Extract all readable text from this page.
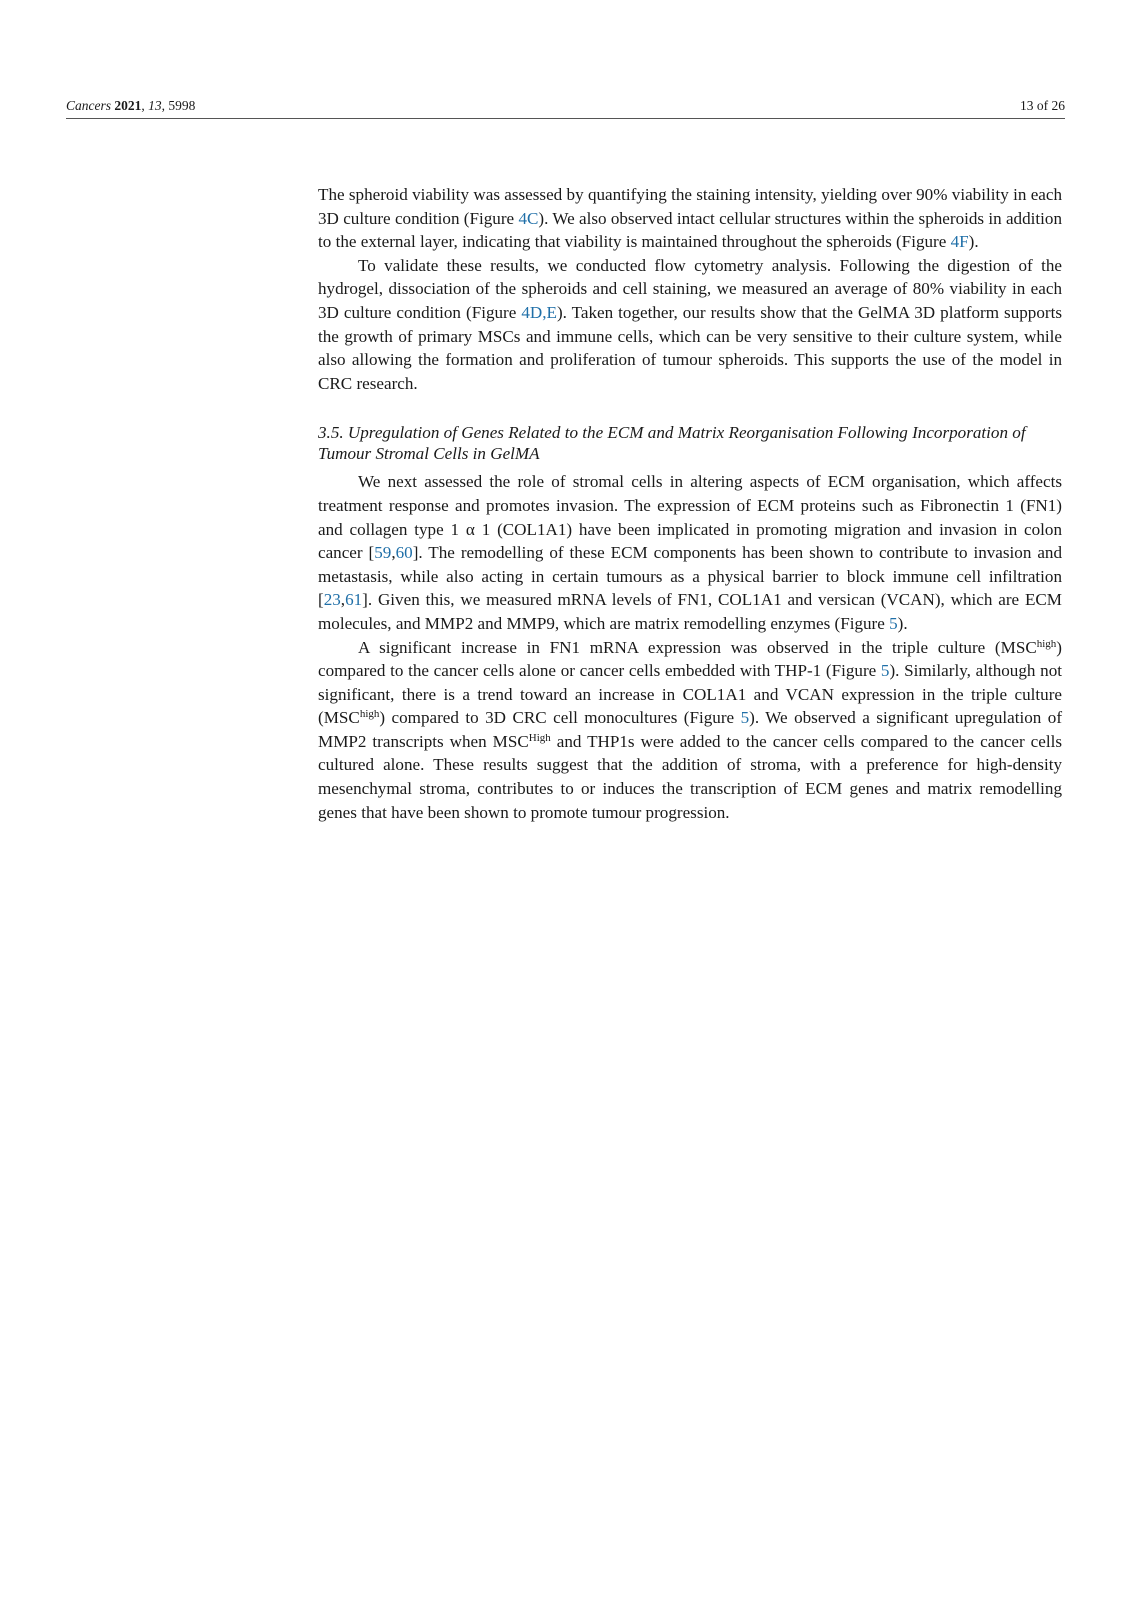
Cancers 2021, 13, 5998	13 of 26

The spheroid viability was assessed by quantifying the staining intensity, yielding over 90% viability in each 3D culture condition (Figure 4C). We also observed intact cellular structures within the spheroids in addition to the external layer, indicating that viability is maintained throughout the spheroids (Figure 4F).

To validate these results, we conducted flow cytometry analysis. Following the digestion of the hydrogel, dissociation of the spheroids and cell staining, we measured an average of 80% viability in each 3D culture condition (Figure 4D,E). Taken together, our results show that the GelMA 3D platform supports the growth of primary MSCs and immune cells, which can be very sensitive to their culture system, while also allowing the formation and proliferation of tumour spheroids. This supports the use of the model in CRC research.

3.5. Upregulation of Genes Related to the ECM and Matrix Reorganisation Following Incorporation of Tumour Stromal Cells in GelMA

We next assessed the role of stromal cells in altering aspects of ECM organisation, which affects treatment response and promotes invasion. The expression of ECM proteins such as Fibronectin 1 (FN1) and collagen type 1 α 1 (COL1A1) have been implicated in promoting migration and invasion in colon cancer [59,60]. The remodelling of these ECM components has been shown to contribute to invasion and metastasis, while also acting in certain tumours as a physical barrier to block immune cell infiltration [23,61]. Given this, we measured mRNA levels of FN1, COL1A1 and versican (VCAN), which are ECM molecules, and MMP2 and MMP9, which are matrix remodelling enzymes (Figure 5).

A significant increase in FN1 mRNA expression was observed in the triple culture $(MSC^{high})$ compared to the cancer cells alone or cancer cells embedded with THP-1 (Figure 5). Similarly, although not significant, there is a trend toward an increase in COL1A1 and VCAN expression in the triple culture $(MSC^{high})$ compared to 3D CRC cell monocultures (Figure 5). We observed a significant upregulation of MMP2 transcripts when $MSC^{High}$ and THP1s were added to the cancer cells compared to the cancer cells cultured alone. These results suggest that the addition of stroma, with a preference for high-density mesenchymal stroma, contributes to or induces the transcription of ECM genes and matrix remodelling genes that have been shown to promote tumour progression.
